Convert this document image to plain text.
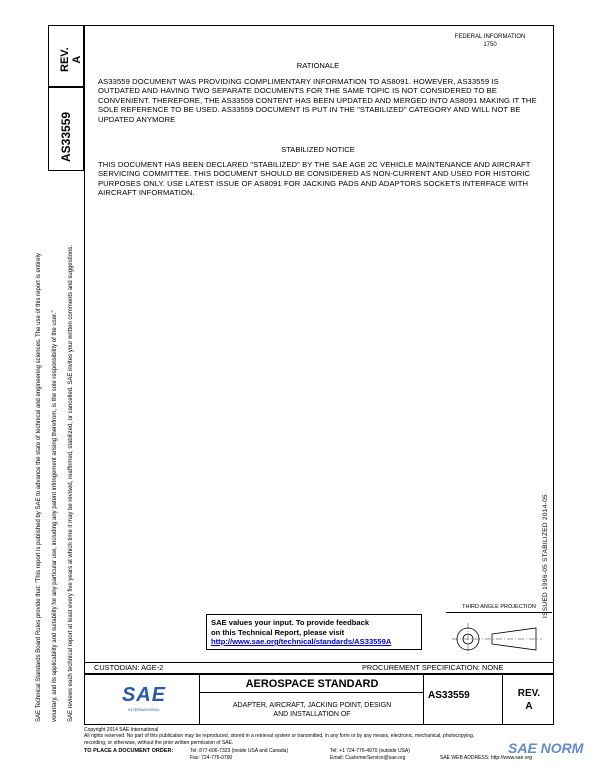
REV. A
AS33559
SAE Technical Standards Board Rules provide that: "This report is published by SAE to advance the state of technical and engineering sciences. The use of this report is entirely voluntary, and its applicability and suitability for any particular use, including any patent infringement arising therefrom, is the sole responsibility of the user." SAE reviews each technical report at least every five years at which time it may be revised, reaffirmed, stabilized, or cancelled. SAE invites your written comments and suggestions.	ISSUED 1996-05 STABILIZED 2014-05
FEDERAL INFORMATION
1750
RATIONALE
AS33559 DOCUMENT WAS PROVIDING COMPLIMENTARY INFORMATION TO AS8091. HOWEVER, AS33559 IS OUTDATED AND HAVING TWO SEPARATE DOCUMENTS FOR THE SAME TOPIC IS NOT CONSIDERED TO BE CONVENIENT. THEREFORE, THE AS33559 CONTENT HAS BEEN UPDATED AND MERGED INTO AS8091 MAKING IT THE SOLE REFERENCE TO BE USED. AS33559 DOCUMENT IS PUT IN THE "STABILIZED" CATEGORY AND WILL NOT BE UPDATED ANYMORE
STABILIZED NOTICE
THIS DOCUMENT HAS BEEN DECLARED "STABILIZED" BY THE SAE AGE 2C VEHICLE MAINTENANCE AND AIRCRAFT SERVICING COMMITTEE. THIS DOCUMENT SHOULD BE CONSIDERED AS NON-CURRENT AND USED FOR HISTORIC PURPOSES ONLY. USE LATEST ISSUE OF AS8091 FOR JACKING PADS AND ADAPTORS SOCKETS INTERFACE WITH AIRCRAFT INFORMATION.
SAE values your input. To provide feedback
on this Technical Report, please visit
http://www.sae.org/technical/standards/AS33559A
THIRD ANGLE PROJECTION
CUSTODIAN: AGE-2	PROCUREMENT SPECIFICATION: NONE
SAE
INTERNATIONAL
AEROSPACE STANDARD
ADAPTER, AIRCRAFT, JACKING POINT, DESIGN AND INSTALLATION OF
AS33559	REV.
A
Copyright 2014 SAE International
All rights reserved. No part of this publication may be reproduced, stored in a retrieval system or transmitted, in any form or by any means, electronic, mechanical, photocopying,
recording, or otherwise, without the prior written permission of SAE.
TO PLACE A DOCUMENT ORDER:	Tel: 877-606-7323 (inside USA and Canada)
Fax: 724-776-0790
Tel: +1 724-776-4970 (outside USA)
Email: CustomerService@sae.org	SAE WEB ADDRESS: http://www.sae.org
SAE NORM
